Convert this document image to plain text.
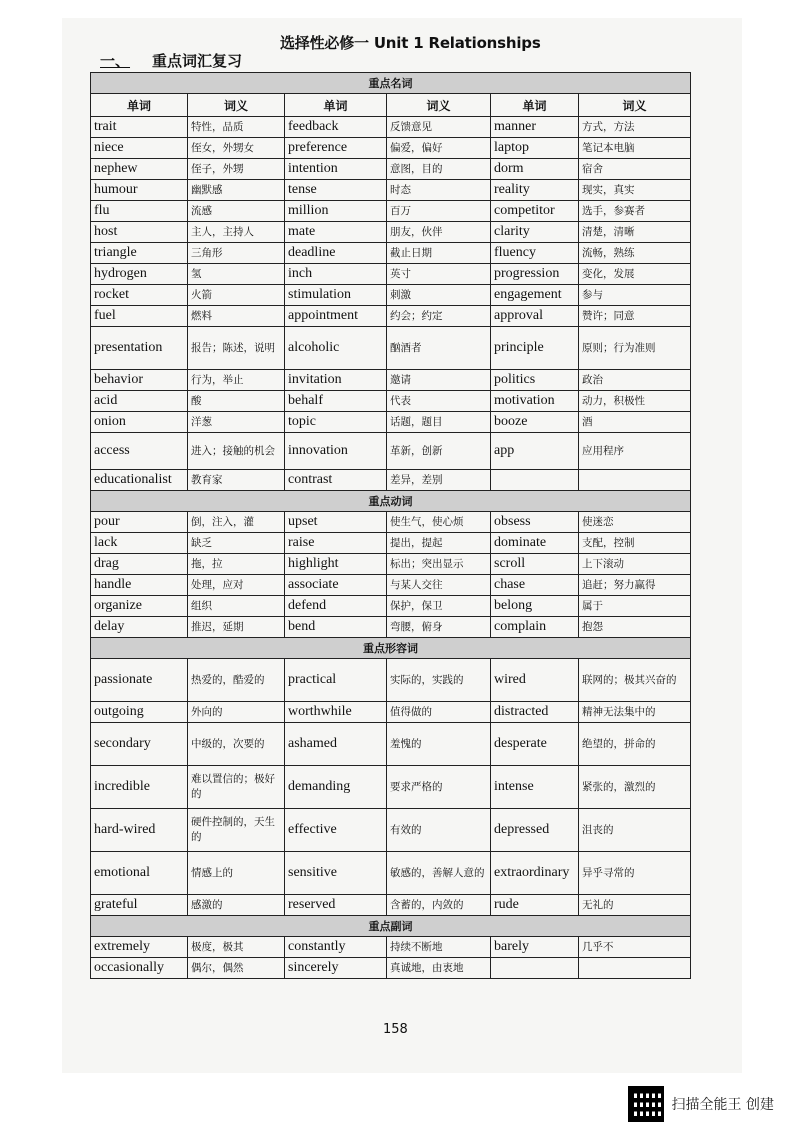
选择性必修一 Unit 1 Relationships
一、 重点词汇复习
重点名词					
单词	词义	单词	词义	单词	词义
trait	特性，品质	feedback	反馈意见	manner	方式，方法
niece	侄女，外甥女	preference	偏爱，偏好	laptop	笔记本电脑
nephew	侄子，外甥	intention	意图，目的	dorm	宿舍
humour	幽默感	tense	时态	reality	现实，真实
flu	流感	million	百万	competitor	选手，参赛者
host	主人，主持人	mate	朋友，伙伴	clarity	清楚，清晰
triangle	三角形	deadline	截止日期	fluency	流畅，熟练
hydrogen	氢	inch	英寸	progression	变化，发展
rocket	火箭	stimulation	刺激	engagement	参与
fuel	燃料	appointment	约会；约定	approval	赞许；同意
presentation	报告；陈述，说明	alcoholic	酗酒者	principle	原则；行为准则
behavior	行为，举止	invitation	邀请	politics	政治
acid	酸	behalf	代表	motivation	动力，积极性
onion	洋葱	topic	话题，题目	booze	酒
access	进入；接触的机会	innovation	革新，创新	app	应用程序
educationalist	教育家	contrast	差异，差别		
重点动词					
pour	倒，注入，灌	upset	使生气，使心烦	obsess	使迷恋
lack	缺乏	raise	提出，提起	dominate	支配，控制
drag	拖，拉	highlight	标出；突出显示	scroll	上下滚动
handle	处理，应对	associate	与某人交往	chase	追赶；努力赢得
organize	组织	defend	保护，保卫	belong	属于
delay	推迟，延期	bend	弯腰，俯身	complain	抱怨
重点形容词					
passionate	热爱的，酷爱的	practical	实际的，实践的	wired	联网的；极其兴奋的
outgoing	外向的	worthwhile	值得做的	distracted	精神无法集中的
secondary	中级的，次要的	ashamed	羞愧的	desperate	绝望的，拼命的
incredible	难以置信的；极好的	demanding	要求严格的	intense	紧张的，激烈的
hard-wired	硬件控制的，天生的	effective	有效的	depressed	沮丧的
emotional	情感上的	sensitive	敏感的，善解人意的	extraordinary	异乎寻常的
grateful	感激的	reserved	含蓄的，内敛的	rude	无礼的
重点副词					
extremely	极度，极其	constantly	持续不断地	barely	几乎不
occasionally	偶尔，偶然	sincerely	真诚地，由衷地		
158
扫描全能王 创建
